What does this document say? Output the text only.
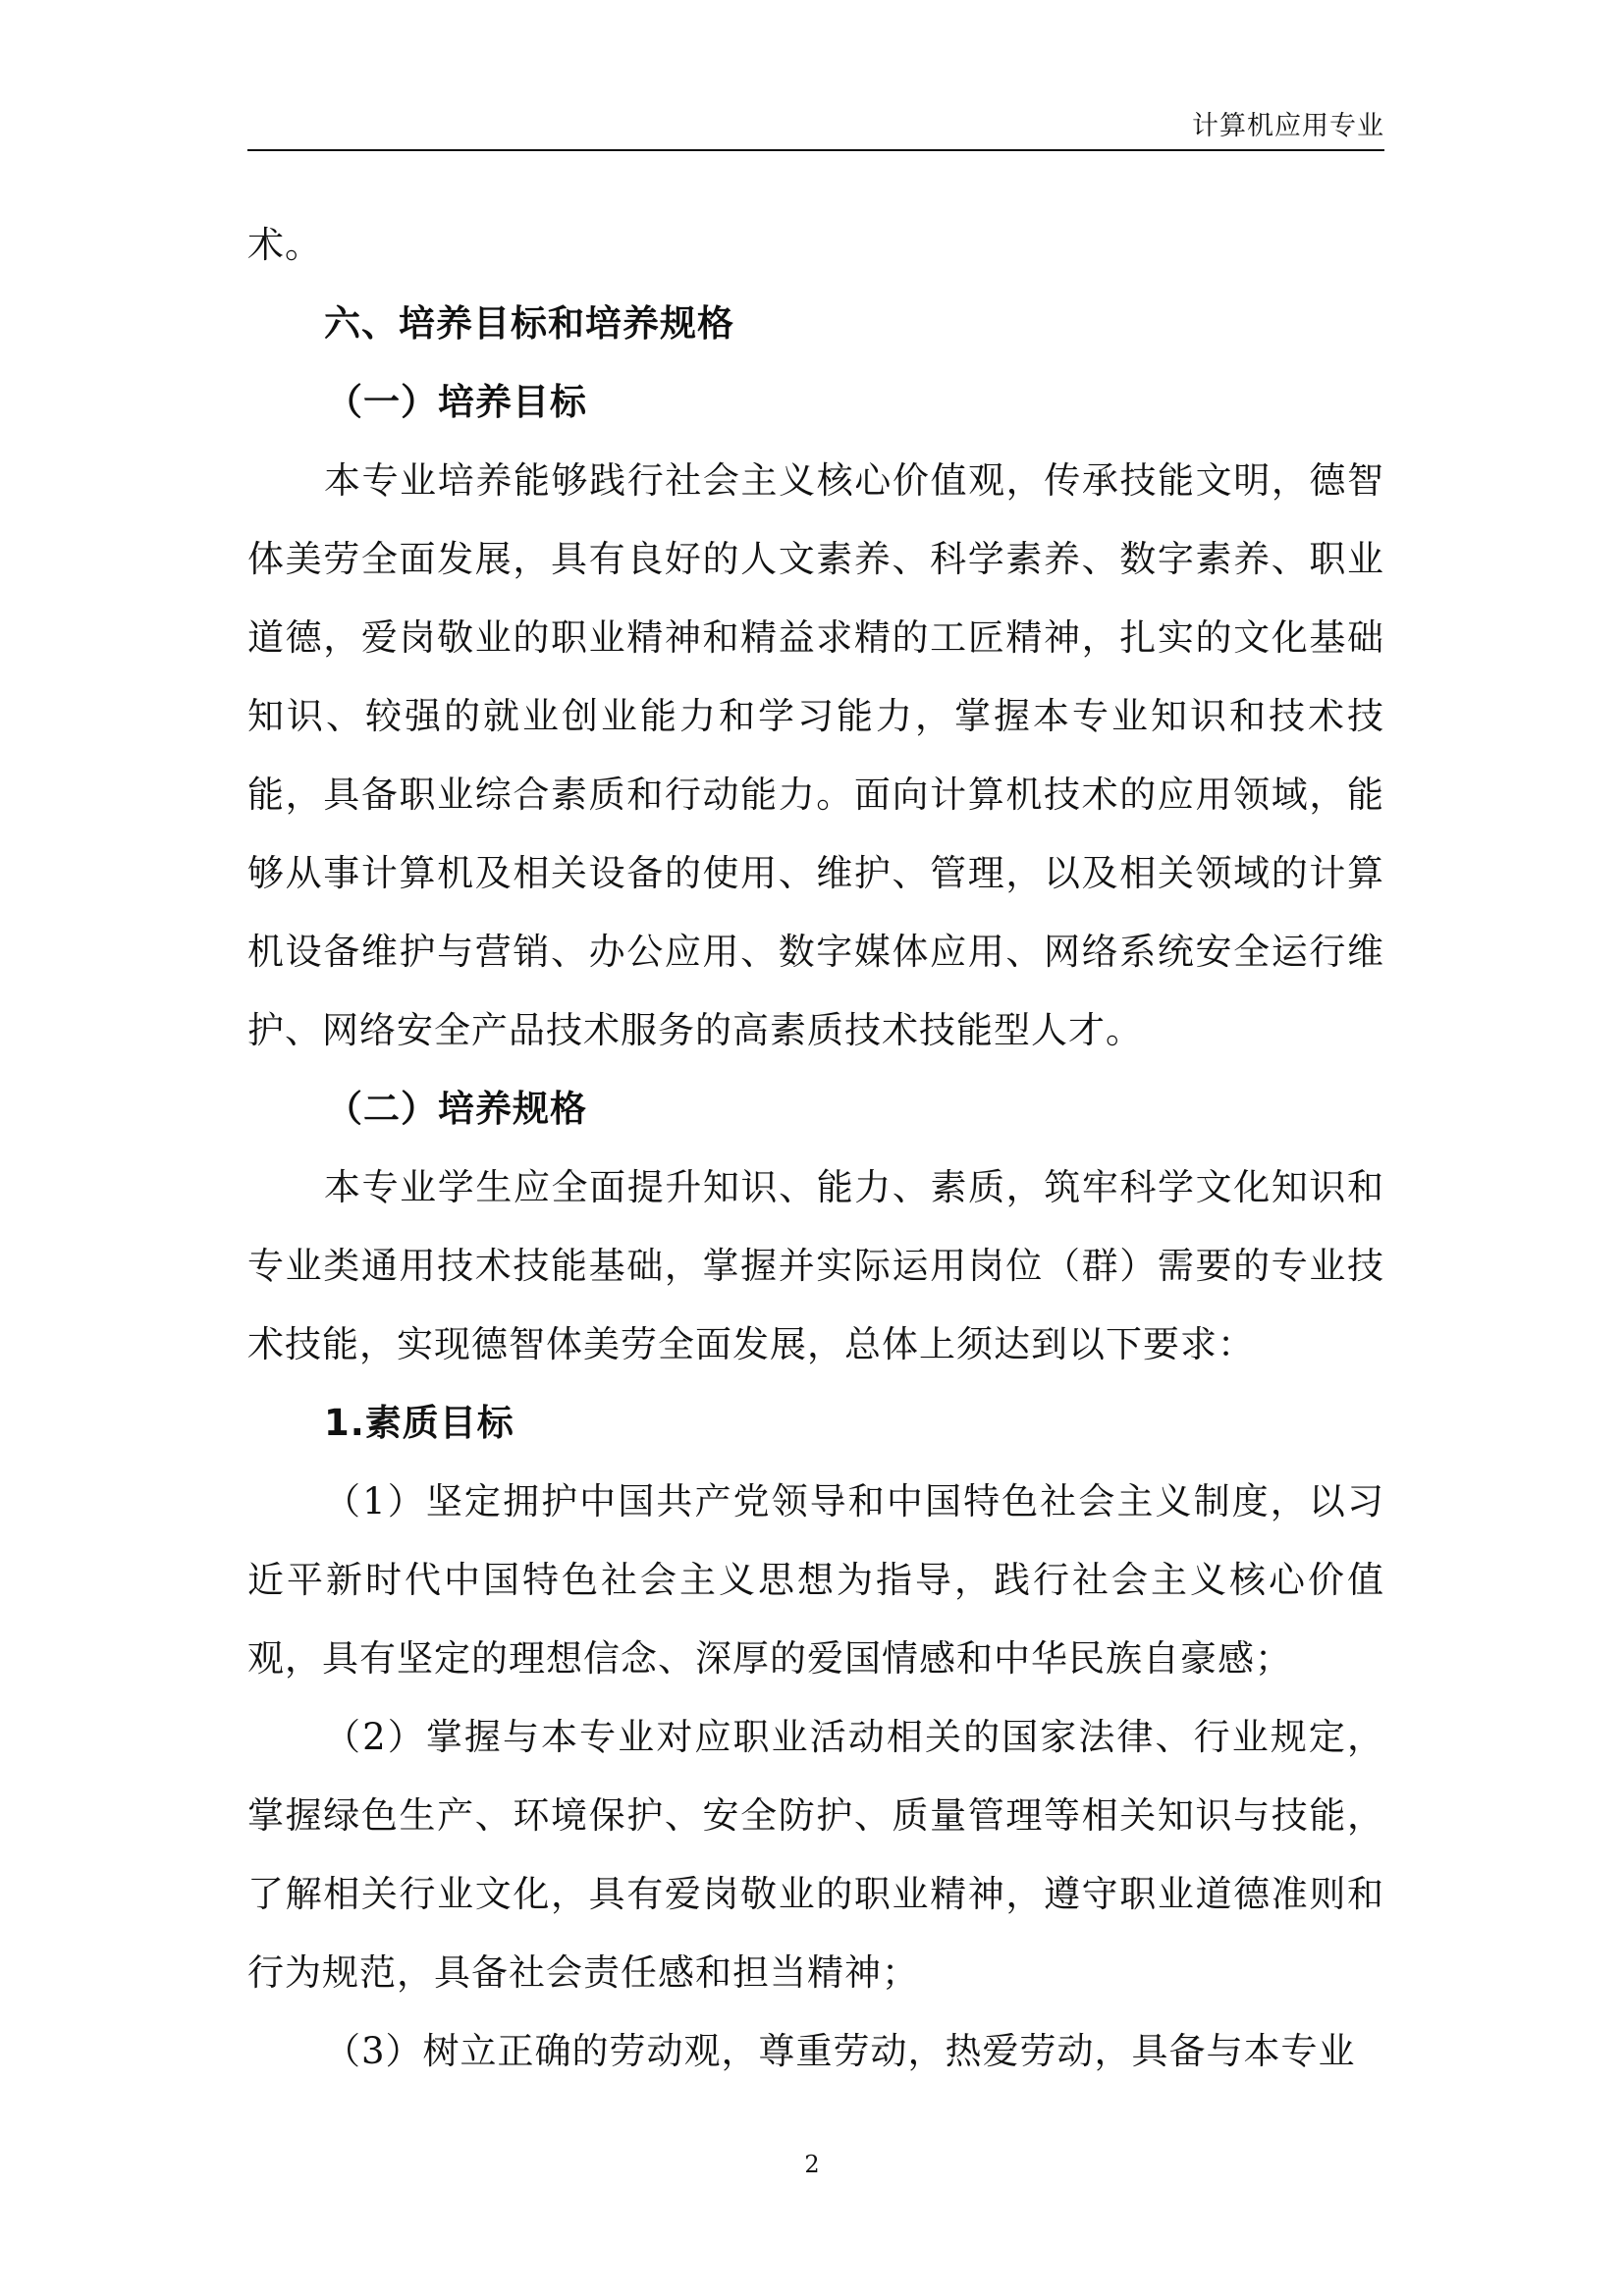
计算机应用专业

术。

六、培养目标和培养规格

（一）培养目标

本专业培养能够践行社会主义核心价值观，传承技能文明，德智体美劳全面发展，具有良好的人文素养、科学素养、数字素养、职业道德，爱岗敬业的职业精神和精益求精的工匠精神，扎实的文化基础知识、较强的就业创业能力和学习能力，掌握本专业知识和技术技能，具备职业综合素质和行动能力。面向计算机技术的应用领域，能够从事计算机及相关设备的使用、维护、管理，以及相关领域的计算机设备维护与营销、办公应用、数字媒体应用、网络系统安全运行维护、网络安全产品技术服务的高素质技术技能型人才。

（二）培养规格

本专业学生应全面提升知识、能力、素质，筑牢科学文化知识和专业类通用技术技能基础，掌握并实际运用岗位（群）需要的专业技术技能，实现德智体美劳全面发展，总体上须达到以下要求：

1.素质目标

（1）坚定拥护中国共产党领导和中国特色社会主义制度，以习近平新时代中国特色社会主义思想为指导，践行社会主义核心价值观，具有坚定的理想信念、深厚的爱国情感和中华民族自豪感；

（2）掌握与本专业对应职业活动相关的国家法律、行业规定，掌握绿色生产、环境保护、安全防护、质量管理等相关知识与技能，了解相关行业文化，具有爱岗敬业的职业精神，遵守职业道德准则和行为规范，具备社会责任感和担当精神；

（3）树立正确的劳动观，尊重劳动，热爱劳动，具备与本专业

2
